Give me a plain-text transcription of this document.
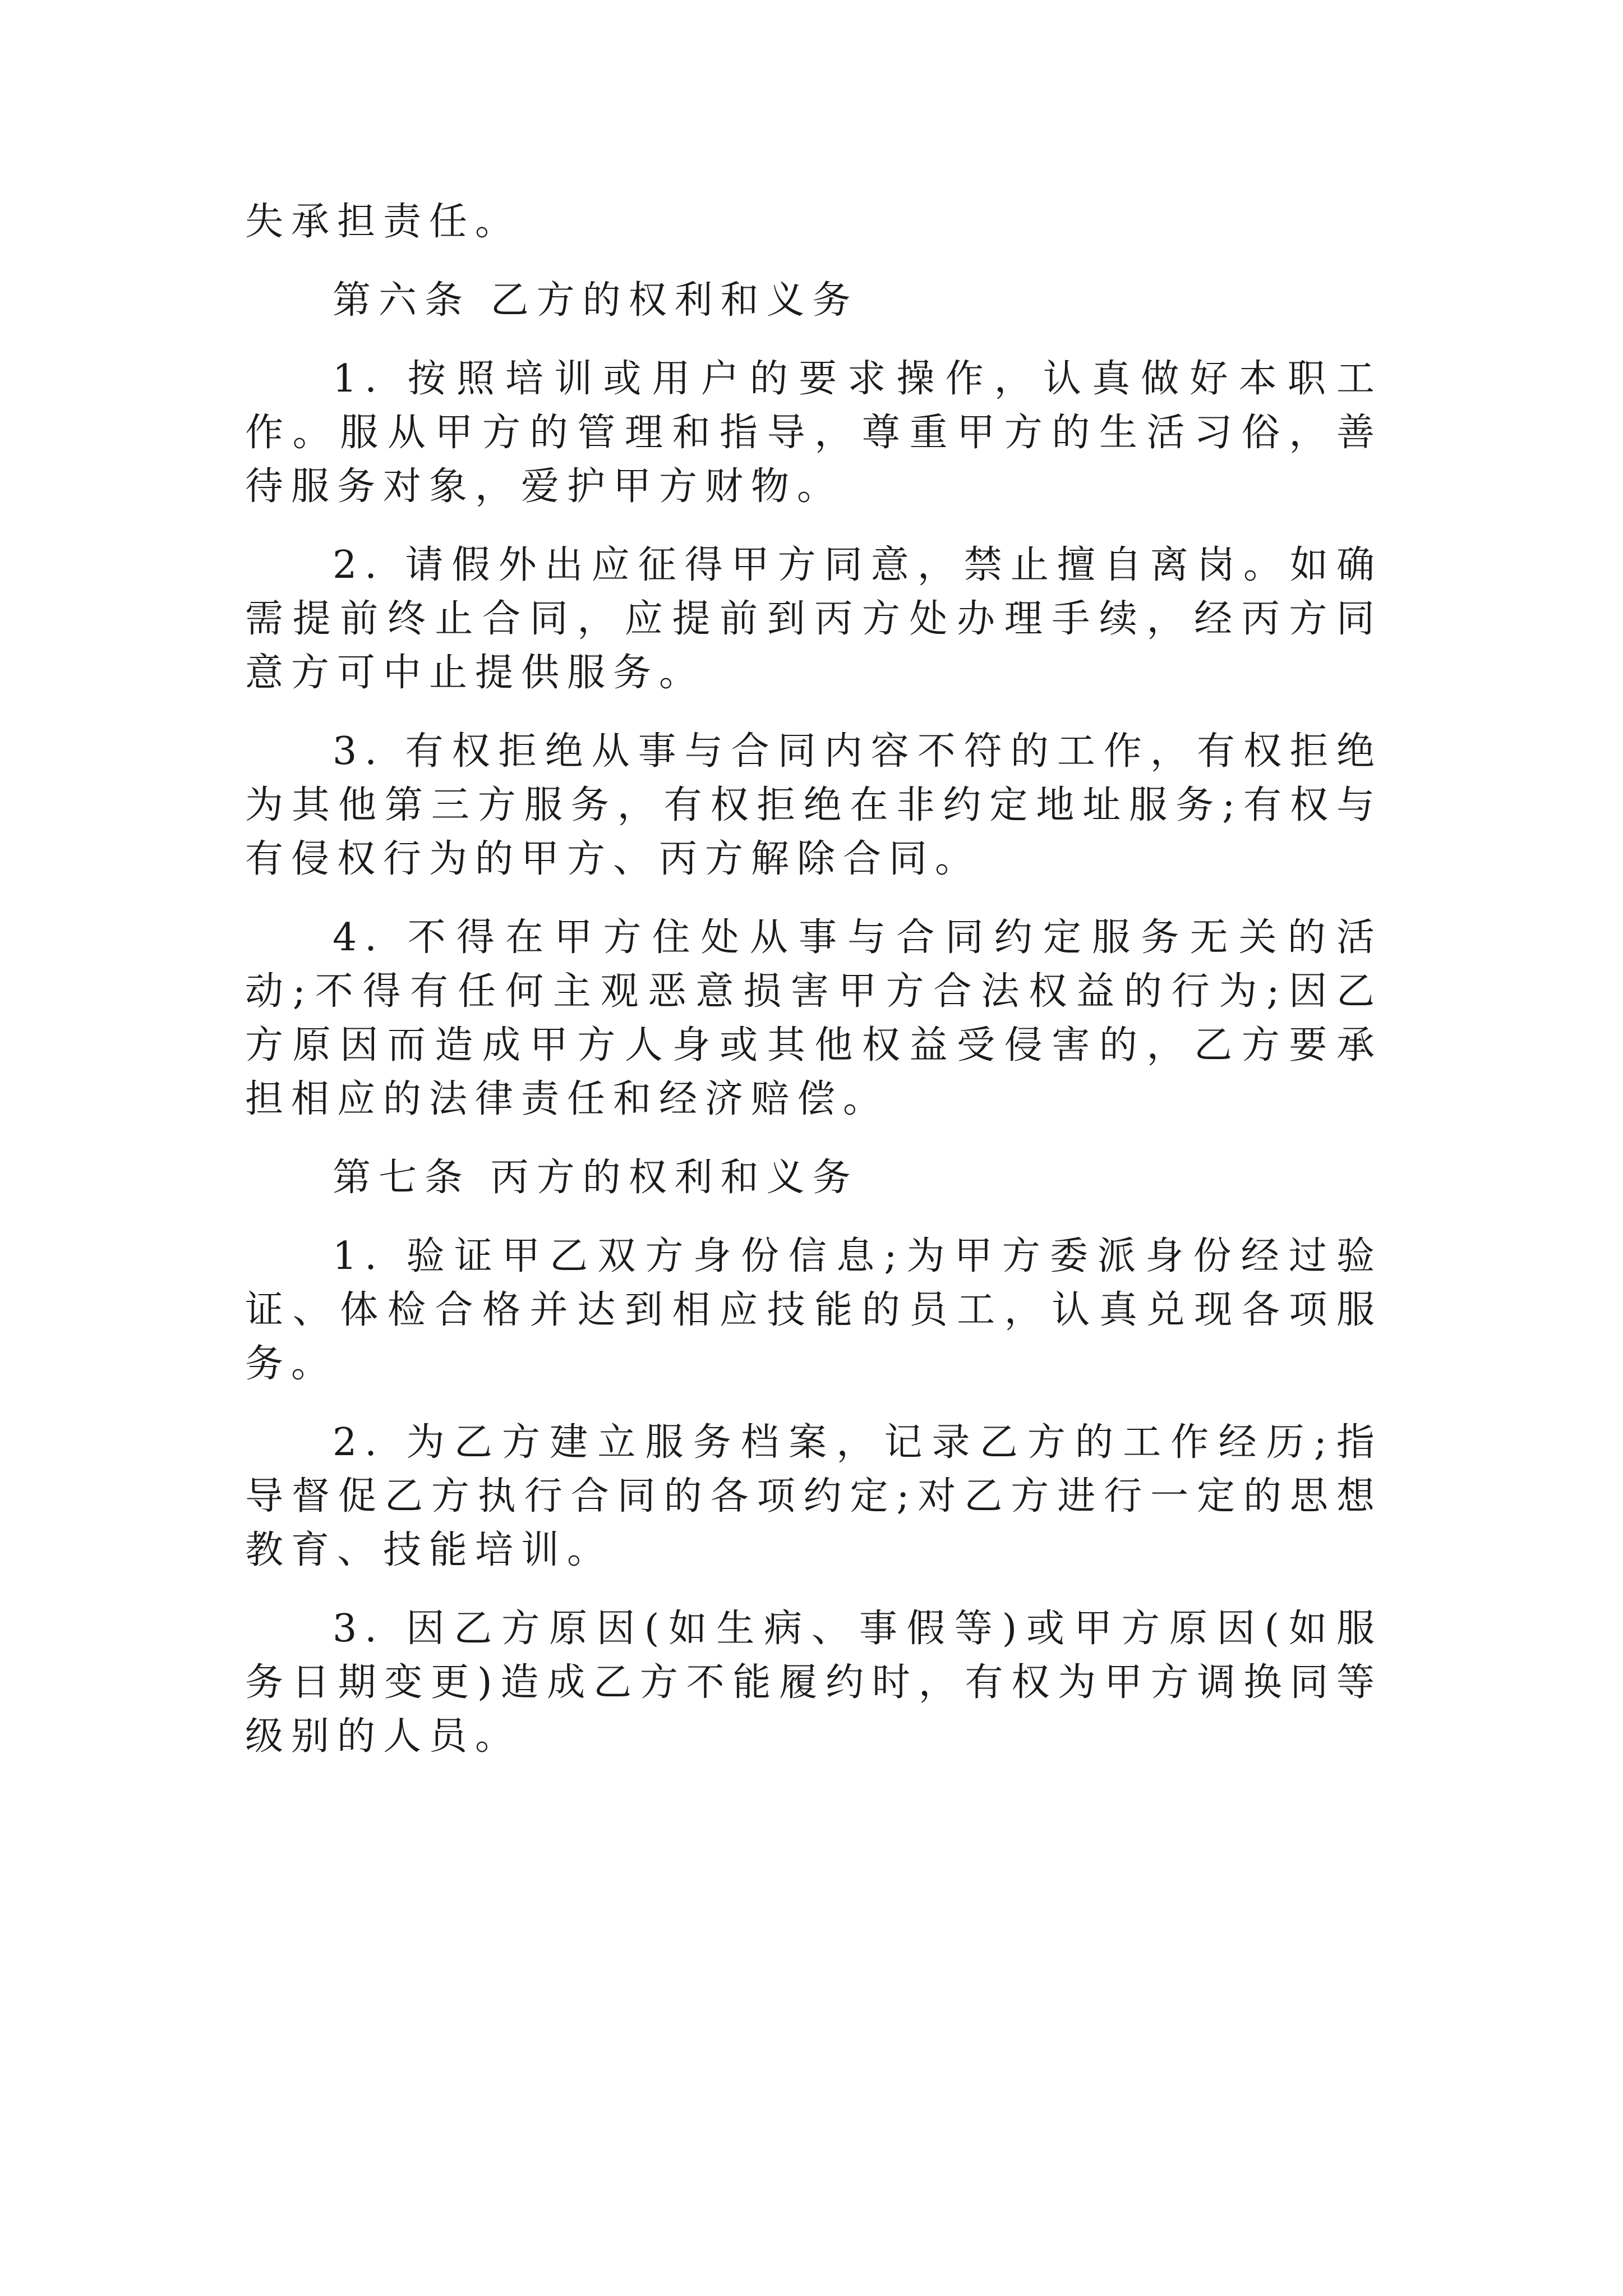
失承担责任。

第六条 乙方的权利和义务

1. 按照培训或用户的要求操作，认真做好本职工作。服从甲方的管理和指导，尊重甲方的生活习俗，善待服务对象，爱护甲方财物。

2. 请假外出应征得甲方同意，禁止擅自离岗。如确需提前终止合同，应提前到丙方处办理手续，经丙方同意方可中止提供服务。

3. 有权拒绝从事与合同内容不符的工作，有权拒绝为其他第三方服务，有权拒绝在非约定地址服务;有权与有侵权行为的甲方、丙方解除合同。

4. 不得在甲方住处从事与合同约定服务无关的活动;不得有任何主观恶意损害甲方合法权益的行为;因乙方原因而造成甲方人身或其他权益受侵害的，乙方要承担相应的法律责任和经济赔偿。

第七条 丙方的权利和义务

1. 验证甲乙双方身份信息;为甲方委派身份经过验证、体检合格并达到相应技能的员工，认真兑现各项服务。

2. 为乙方建立服务档案，记录乙方的工作经历;指导督促乙方执行合同的各项约定;对乙方进行一定的思想教育、技能培训。

3. 因乙方原因(如生病、事假等)或甲方原因(如服务日期变更)造成乙方不能履约时，有权为甲方调换同等级别的人员。
